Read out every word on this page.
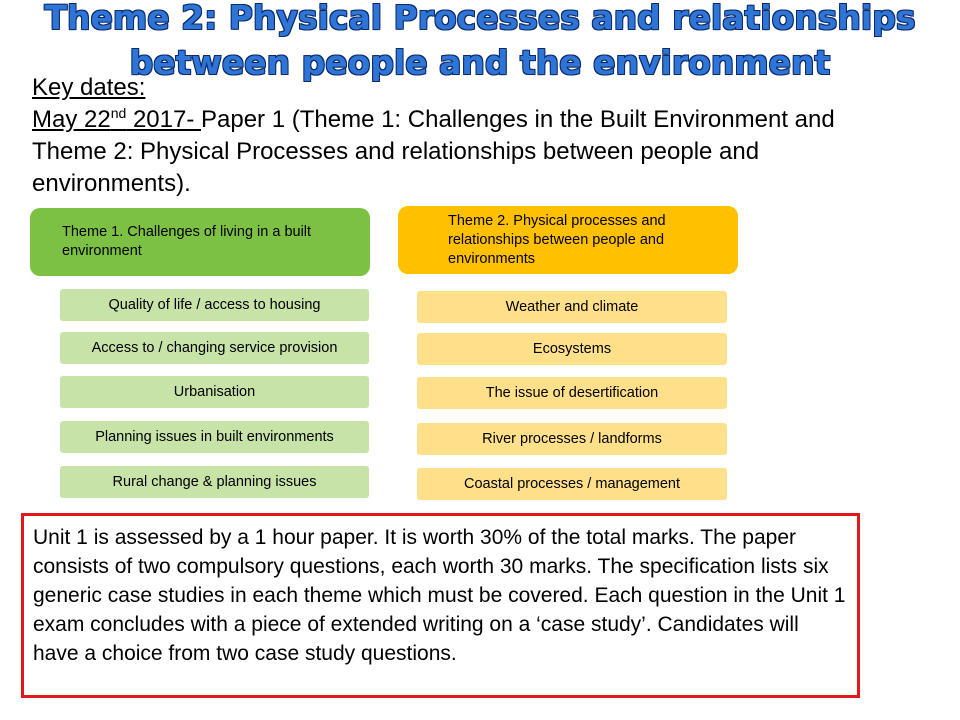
Theme 2: Physical Processes and relationships
between people and the environment
Key dates:
May 22nd 2017- Paper 1 (Theme 1: Challenges in the Built Environment and
Theme 2: Physical Processes and relationships between people and
environments).
Theme 1. Challenges of living in a built environment
Quality of life / access to housing
Access to / changing service provision
Urbanisation
Planning issues in built environments
Rural change & planning issues
Theme 2. Physical processes and relationships between people and environments
Weather and climate
Ecosystems
The issue of desertification
River processes / landforms
Coastal processes / management
Unit 1 is assessed by a 1 hour paper. It is worth 30% of the total marks. The paper consists of two compulsory questions, each worth 30 marks. The specification lists six generic case studies in each theme which must be covered. Each question in the Unit 1 exam concludes with a piece of extended writing on a ‘case study’. Candidates will have a choice from two case study questions.
